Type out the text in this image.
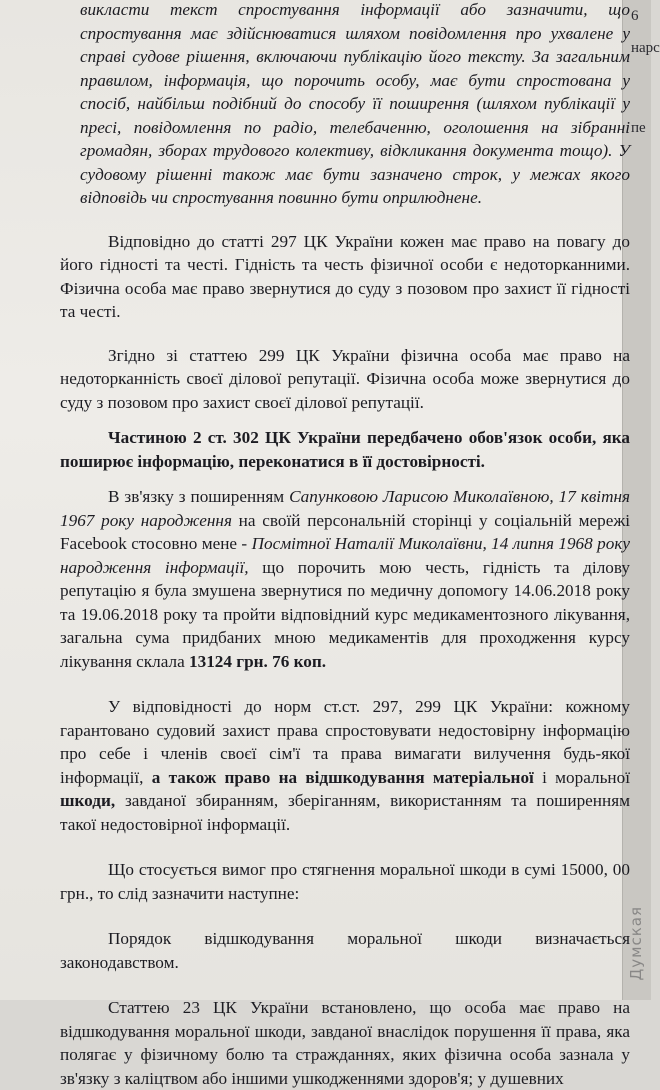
6
нарс
пе

викласти текст спростування інформації або зазначити, що спростування має здійснюватися шляхом повідомлення про ухвалене у справі судове рішення, включаючи публікацію його тексту. За загальним правилом, інформація, що порочить особу, має бути спростована у спосіб, найбільш подібний до способу її поширення (шляхом публікації у пресі, повідомлення по радіо, телебаченню, оголошення на зібранні громадян, зборах трудового колективу, відкликання документа тощо). У судовому рішенні також має бути зазначено строк, у межах якого відповідь чи спростування повинно бути оприлюднене.

Відповідно до статті 297 ЦК України кожен має право на повагу до його гідності та честі. Гідність та честь фізичної особи є недоторканними. Фізична особа має право звернутися до суду з позовом про захист її гідності та честі.

Згідно зі статтею 299 ЦК України фізична особа має право на недоторканність своєї ділової репутації. Фізична особа може звернутися до суду з позовом про захист своєї ділової репутації.

Частиною 2 ст. 302 ЦК України передбачено обов'язок особи, яка поширює інформацію, переконатися в її достовірності.

В зв'язку з поширенням Сапунковою Ларисою Миколаївною, 17 квітня 1967 року народження на своїй персональній сторінці у соціальній мережі Facebook стосовно мене - Посмітної Наталії Миколаївни, 14 липня 1968 року народження інформації, що порочить мою честь, гідність та ділову репутацію я була змушена звернутися по медичну допомогу 14.06.2018 року та 19.06.2018 року та пройти відповідний курс медикаментозного лікування, загальна сума придбаних мною медикаментів для проходження курсу лікування склала 13124 грн. 76 коп.

У відповідності до норм ст.ст. 297, 299 ЦК України: кожному гарантовано судовий захист права спростовувати недостовірну інформацію про себе і членів своєї сім'ї та права вимагати вилучення будь-якої інформації, а також право на відшкодування матеріальної і моральної шкоди, завданої збиранням, зберіганням, використанням та поширенням такої недостовірної інформації.

Що стосується вимог про стягнення моральної шкоди в сумі 15000, 00 грн., то слід зазначити наступне:

Порядок відшкодування моральної шкоди визначається законодавством.

Статтею 23 ЦК України встановлено, що особа має право на відшкодування моральної шкоди, завданої внаслідок порушення її права, яка полягає у фізичному болю та стражданнях, яких фізична особа зазнала у зв'язку з каліцтвом або іншими ушкодженнями здоров'я; у душевних

Думская
